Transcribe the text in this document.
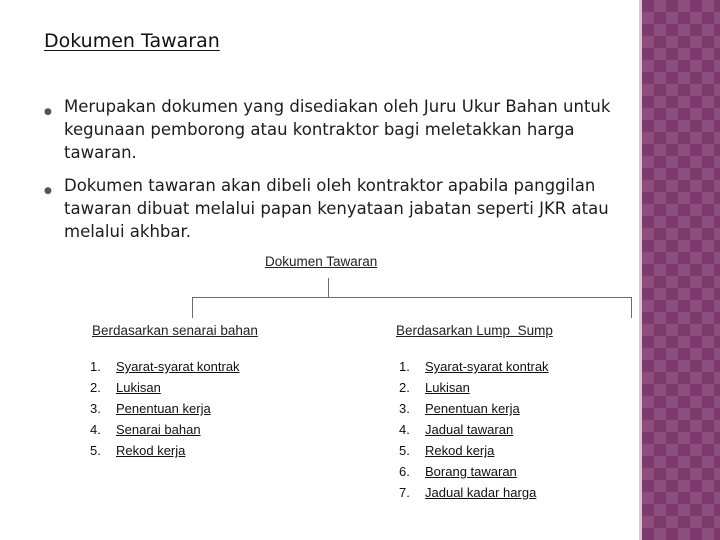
Dokumen Tawaran
● Merupakan dokumen yang disediakan oleh Juru Ukur Bahan untuk kegunaan pemborong atau kontraktor bagi meletakkan harga tawaran.
● Dokumen tawaran akan dibeli oleh kontraktor apabila panggilan tawaran dibuat melalui papan kenyataan jabatan seperti JKR atau melalui akhbar.
Dokumen Tawaran
Berdasarkan senarai bahan	Berdasarkan Lump  Sump
1. Syarat-syarat kontrak
2. Lukisan
3. Penentuan kerja
4. Senarai bahan
5. Rekod kerja
1. Syarat-syarat kontrak
2. Lukisan
3. Penentuan kerja
4. Jadual tawaran
5. Rekod kerja
6. Borang tawaran
7. Jadual kadar harga
